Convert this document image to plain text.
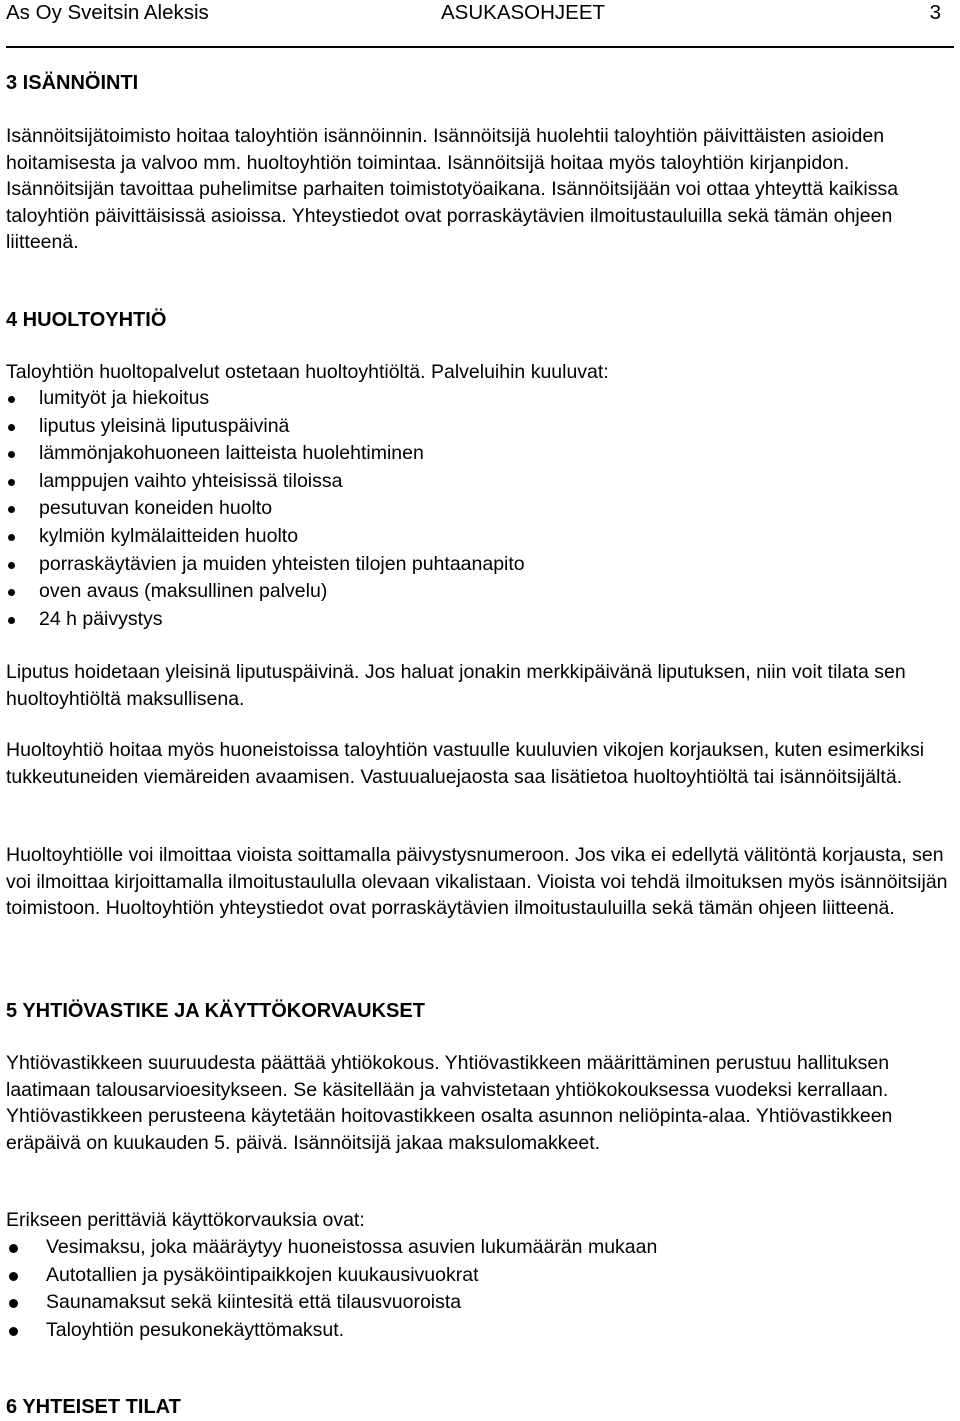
As Oy Sveitsin Aleksis	ASUKASOHJEET	3
3 ISÄNNÖINTI

Isännöitsijätoimisto hoitaa taloyhtiön isännöinnin. Isännöitsijä huolehtii taloyhtiön päivittäisten asioiden hoitamisesta ja valvoo mm. huoltoyhtiön toimintaa. Isännöitsijä hoitaa myös taloyhtiön kirjanpidon. Isännöitsijän tavoittaa puhelimitse parhaiten toimistotyöaikana. Isännöitsijään voi ottaa yhteyttä kaikissa taloyhtiön päivittäisissä asioissa. Yhteystiedot ovat porraskäytävien ilmoitustauluilla sekä tämän ohjeen liitteenä.

4 HUOLTOYHTIÖ
Taloyhtiön huoltopalvelut ostetaan huoltoyhtiöltä. Palveluihin kuuluvat:
lumityöt ja hiekoitus
liputus yleisinä liputuspäivinä
lämmönjakohuoneen laitteista huolehtiminen
lamppujen vaihto yhteisissä tiloissa
pesutuvan koneiden huolto
kylmiön kylmälaitteiden huolto
porraskäytävien ja muiden yhteisten tilojen puhtaanapito
oven avaus (maksullinen palvelu)
24 h päivystys
Liputus hoidetaan yleisinä liputuspäivinä. Jos haluat jonakin merkkipäivänä liputuksen, niin voit tilata sen huoltoyhtiöltä maksullisena.
Huoltoyhtiö hoitaa myös huoneistoissa taloyhtiön vastuulle kuuluvien vikojen korjauksen, kuten esimerkiksi tukkeutuneiden viemäreiden avaamisen. Vastuualuejaosta saa lisätietoa huoltoyhtiöltä tai isännöitsijältä.
Huoltoyhtiölle voi ilmoittaa vioista soittamalla päivystysnumeroon. Jos vika ei edellytä välitöntä korjausta, sen voi ilmoittaa kirjoittamalla ilmoitustaululla olevaan vikalistaan. Vioista voi tehdä ilmoituksen myös isännöitsijän toimistoon. Huoltoyhtiön yhteystiedot ovat porraskäytävien ilmoitustauluilla sekä tämän ohjeen liitteenä.
5 YHTIÖVASTIKE JA KÄYTTÖKORVAUKSET
Yhtiövastikkeen suuruudesta päättää yhtiökokous. Yhtiövastikkeen määrittäminen perustuu hallituksen laatimaan talousarvioesitykseen. Se käsitellään ja vahvistetaan yhtiökokouksessa vuodeksi kerrallaan. Yhtiövastikkeen perusteena käytetään hoitovastikkeen osalta asunnon neliöpinta-alaa. Yhtiövastikkeen eräpäivä on kuukauden 5. päivä. Isännöitsijä jakaa maksulomakkeet.
Erikseen perittäviä käyttökorvauksia ovat:
Vesimaksu, joka määräytyy huoneistossa asuvien lukumäärän mukaan
Autotallien ja pysäköintipaikkojen kuukausivuokrat
Saunamaksut sekä kiintesitä että tilausvuoroista
Taloyhtiön pesukonekäyttömaksut.
6 YHTEISET TILAT
